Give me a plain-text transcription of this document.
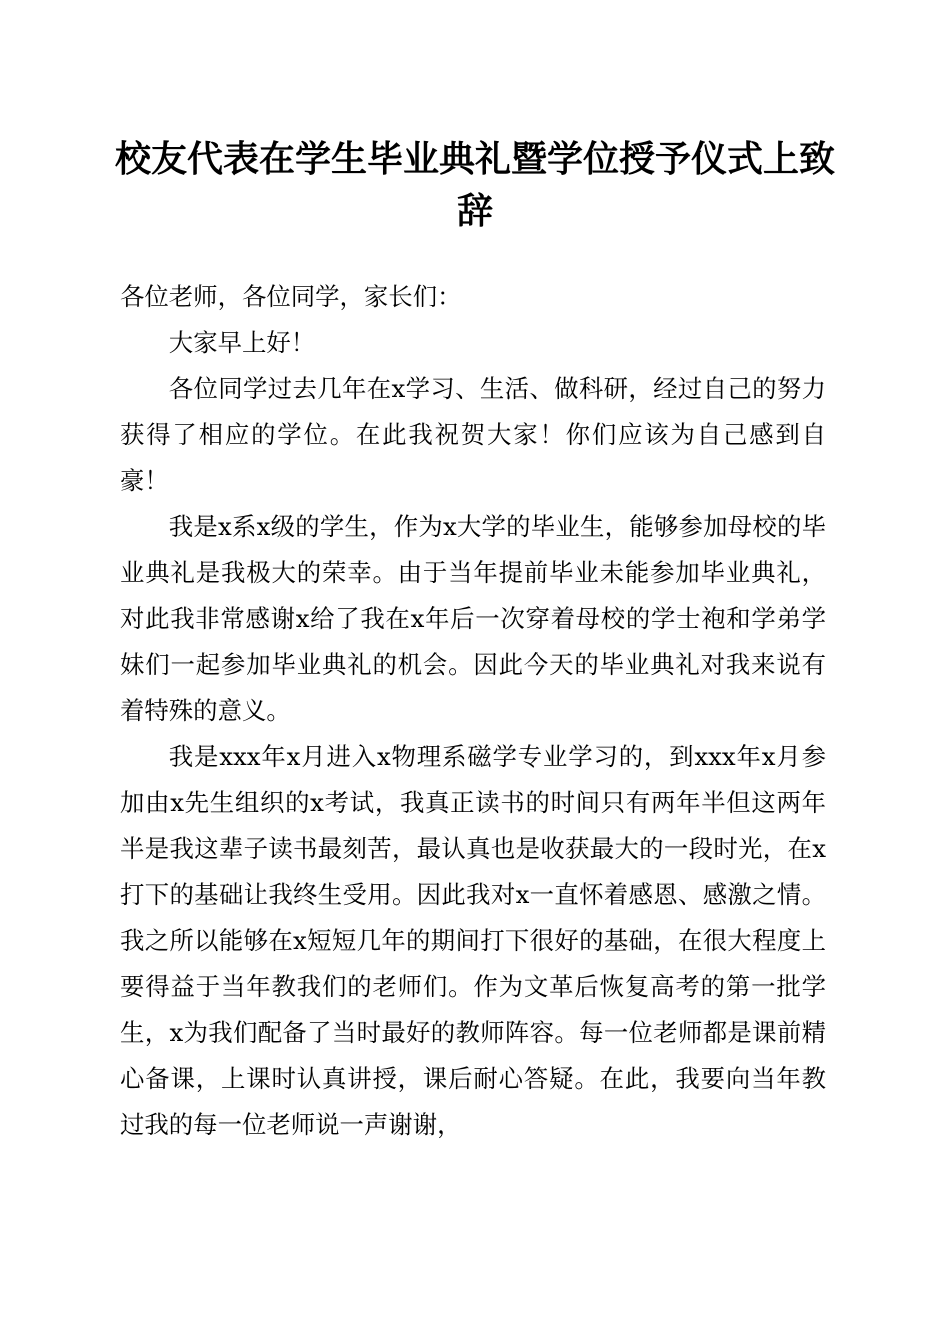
校友代表在学生毕业典礼暨学位授予仪式上致辞

各位老师，各位同学，家长们：

大家早上好！

各位同学过去几年在x学习、生活、做科研，经过自己的努力获得了相应的学位。在此我祝贺大家！你们应该为自己感到自豪！

我是x系x级的学生，作为x大学的毕业生，能够参加母校的毕业典礼是我极大的荣幸。由于当年提前毕业未能参加毕业典礼，对此我非常感谢x给了我在x年后一次穿着母校的学士袍和学弟学妹们一起参加毕业典礼的机会。因此今天的毕业典礼对我来说有着特殊的意义。

我是xxx年x月进入x物理系磁学专业学习的，到xxx年x月参加由x先生组织的x考试，我真正读书的时间只有两年半但这两年半是我这辈子读书最刻苦，最认真也是收获最大的一段时光，在x打下的基础让我终生受用。因此我对x一直怀着感恩、感激之情。我之所以能够在x短短几年的期间打下很好的基础，在很大程度上要得益于当年教我们的老师们。作为文革后恢复高考的第一批学生，x为我们配备了当时最好的教师阵容。每一位老师都是课前精心备课，上课时认真讲授，课后耐心答疑。在此，我要向当年教过我的每一位老师说一声谢谢，
